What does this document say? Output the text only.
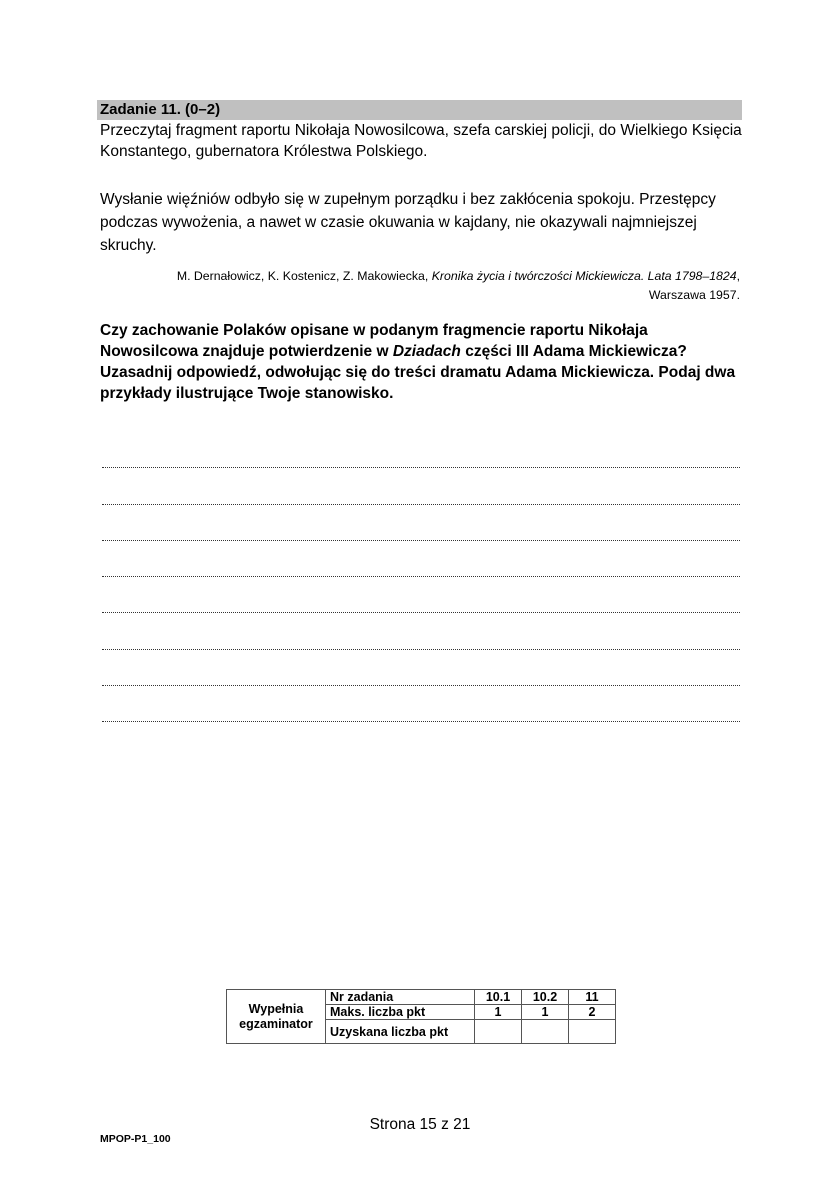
Zadanie 11. (0–2)
Przeczytaj fragment raportu Nikołaja Nowosilcowa, szefa carskiej policji, do Wielkiego Księcia Konstantego, gubernatora Królestwa Polskiego.
Wysłanie więźniów odbyło się w zupełnym porządku i bez zakłócenia spokoju. Przestępcy podczas wywożenia, a nawet w czasie okuwania w kajdany, nie okazywali najmniejszej skruchy.
M. Dernałowicz, K. Kostenicz, Z. Makowiecka, Kronika życia i twórczości Mickiewicza. Lata 1798–1824,
Warszawa 1957.
Czy zachowanie Polaków opisane w podanym fragmencie raportu Nikołaja Nowosilcowa znajduje potwierdzenie w Dziadach części III Adama Mickiewicza? Uzasadnij odpowiedź, odwołując się do treści dramatu Adama Mickiewicza. Podaj dwa przykłady ilustrujące Twoje stanowisko.
Wypełnia egzaminator	Nr zadania	10.1	10.2	11
	Maks. liczba pkt	1	1	2
	Uzyskana liczba pkt			
Strona 15 z 21
MPOP-P1_100
